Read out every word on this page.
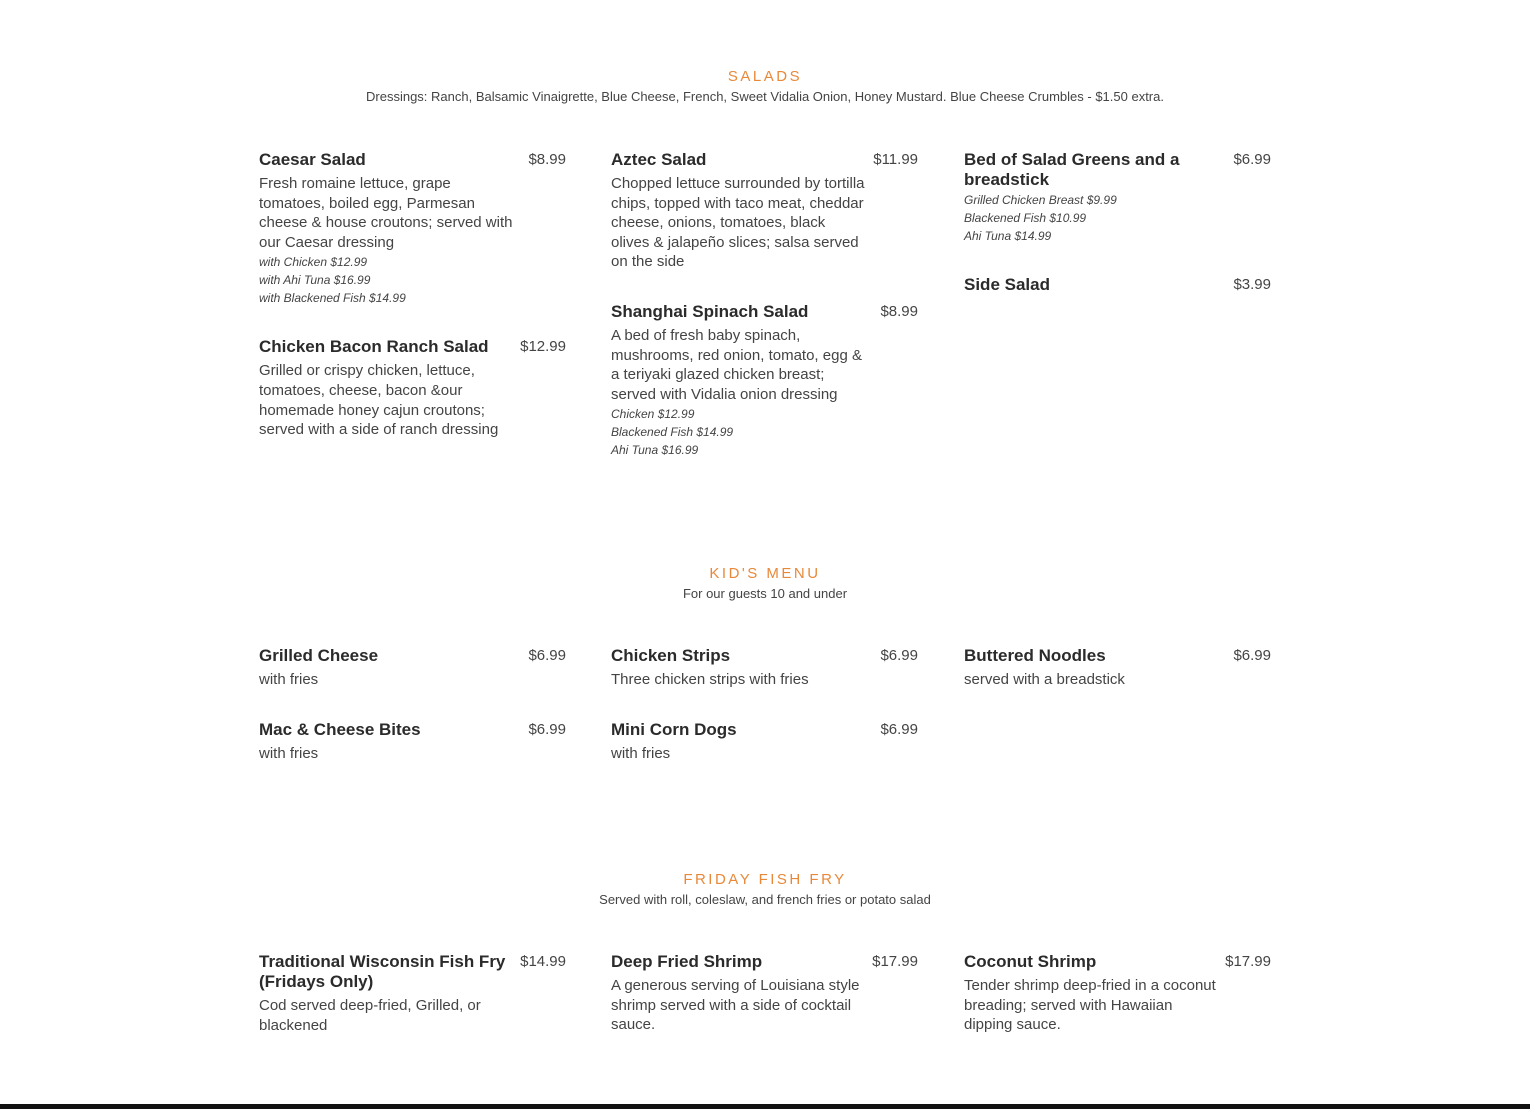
SALADS

Dressings: Ranch, Balsamic Vinaigrette, Blue Cheese, French, Sweet Vidalia Onion, Honey Mustard. Blue Cheese Crumbles - $1.50 extra.

Caesar Salad	$8.99
Fresh romaine lettuce, grape tomatoes, boiled egg, Parmesan cheese & house croutons; served with our Caesar dressing
with Chicken $12.99
with Ahi Tuna $16.99
with Blackened Fish $14.99
Chicken Bacon Ranch Salad	$12.99
Grilled or crispy chicken, lettuce, tomatoes, cheese, bacon &our homemade honey cajun croutons; served with a side of ranch dressing
Aztec Salad	$11.99
Chopped lettuce surrounded by tortilla chips, topped with taco meat, cheddar cheese, onions, tomatoes, black olives & jalapeño slices; salsa served on the side
Shanghai Spinach Salad	$8.99
A bed of fresh baby spinach, mushrooms, red onion, tomato, egg & a teriyaki glazed chicken breast; served with Vidalia onion dressing
Chicken $12.99
Blackened Fish $14.99
Ahi Tuna $16.99
Bed of Salad Greens and a breadstick
$6.99
Grilled Chicken Breast $9.99
Blackened Fish $10.99
Ahi Tuna $14.99
Side Salad	$3.99
KID'S MENU

For our guests 10 and under

Grilled Cheese	$6.99
with fries
Mac & Cheese Bites	$6.99
with fries
Chicken Strips	$6.99
Three chicken strips with fries
Mini Corn Dogs	$6.99
with fries
Buttered Noodles	$6.99
served with a breadstick
FRIDAY FISH FRY

Served with roll, coleslaw, and french fries or potato salad

Traditional Wisconsin Fish Fry (Fridays Only)
$14.99
Cod served deep-fried, Grilled, or blackened
Deep Fried Shrimp	$17.99
A generous serving of Louisiana style shrimp served with a side of cocktail sauce.
Coconut Shrimp	$17.99
Tender shrimp deep-fried in a coconut breading; served with Hawaiian dipping sauce.
